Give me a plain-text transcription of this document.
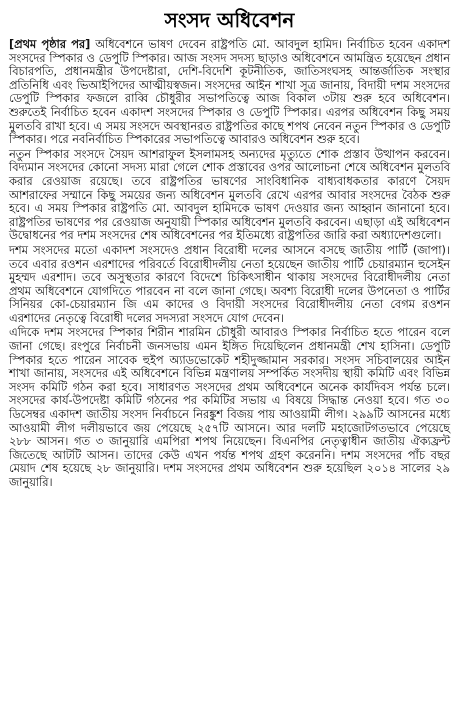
সংসদ অধিবেশন

[প্রথম পৃষ্ঠার পর] অধিবেশনে ভাষণ দেবেন রাষ্ট্রপতি মো. আবদুল হামিদ। নির্বাচিত হবেন একাদশ সংসদের স্পিকার ও ডেপুটি স্পিকার। আজ সংসদ সদস্য ছাড়াও অধিবেশনে আমন্ত্রিত হয়েছেন প্রধান বিচারপতি, প্রধানমন্ত্রীর উপদেষ্টারা, দেশি-বিদেশি কূটনীতিক, জাতিসংঘসহ আন্তর্জাতিক সংস্থার প্রতিনিধি এবং ভিআইপিদের আত্মীয়স্বজন। সংসদের আইন শাখা সূত্র জানায়, বিদায়ী দশম সংসদের ডেপুটি স্পিকার ফজলে রাব্বি চৌধুরীর সভাপতিত্বে আজ বিকাল ৩টায় শুরু হবে অধিবেশন। শুরুতেই নির্বাচিত হবেন একাদশ সংসদের স্পিকার ও ডেপুটি স্পিকার। এরপর অধিবেশন কিছু সময় মুলতবি রাখা হবে। এ সময় সংসদে অবস্থানরত রাষ্ট্রপতির কাছে শপথ নেবেন নতুন স্পিকার ও ডেপুটি স্পিকার। পরে নবনির্বাচিত স্পিকারের সভাপতিত্বে আবারও অধিবেশন শুরু হবে।

নতুন স্পিকার সংসদে সৈয়দ আশরাফুল ইসলামসহ অন্যদের মৃত্যুতে শোক প্রস্তাব উত্থাপন করবেন। বিদ্যমান সংসদের কোনো সদস্য মারা গেলে শোক প্রস্তাবের ওপর আলোচনা শেষে অধিবেশন মুলতবি করার রেওয়াজ রয়েছে। তবে রাষ্ট্রপতির ভাষণের সাংবিধানিক বাধ্যবাধকতার কারণে সৈয়দ আশরাফের সম্মানে কিছু সময়ের জন্য অধিবেশন মুলতবি রেখে এরপর আবার সংসদের বৈঠক শুরু হবে। এ সময় স্পিকার রাষ্ট্রপতি মো. আবদুল হামিদকে ভাষণ দেওয়ার জন্য আহ্বান জানানো হবে। রাষ্ট্রপতির ভাষণের পর রেওয়াজ অনুযায়ী স্পিকার অধিবেশন মুলতবি করবেন। এছাড়া এই অধিবেশন উদ্বোধনের পর দশম সংসদের শেষ অধিবেশনের পর ইতিমধ্যে রাষ্ট্রপতির জারি করা অধ্যাদেশগুলো।

দশম সংসদের মতো একাদশ সংসদেও প্রধান বিরোধী দলের আসনে বসছে জাতীয় পার্টি (জাপা)। তবে এবার রওশন এরশাদের পরিবর্তে বিরোধীদলীয় নেতা হয়েছেন জাতীয় পার্টি চেয়ারম্যান হুসেইন মুহম্মদ এরশাদ। তবে অসুস্থতার কারণে বিদেশে চিকিৎসাধীন থাকায় সংসদের বিরোধীদলীয় নেতা প্রথম অধিবেশনে যোগদিতে পারবেন না বলে জানা গেছে। অবশ্য বিরোধী দলের উপনেতা ও পার্টির সিনিয়র কো-চেয়ারম্যান জি এম কাদের ও বিদায়ী সংসদের বিরোধীদলীয় নেতা বেগম রওশন এরশাদের নেতৃত্বে বিরোধী দলের সদস্যরা সংসদে যোগ দেবেন।

এদিকে দশম সংসদের স্পিকার শিরীন শারমিন চৌধুরী আবারও স্পিকার নির্বাচিত হতে পারেন বলে জানা গেছে। রংপুরে নির্বাচনী জনসভায় এমন ইঙ্গিত দিয়েছিলেন প্রধানমন্ত্রী শেখ হাসিনা। ডেপুটি স্পিকার হতে পারেন সাবেক হুইপ অ্যাডভোকেট শহীদুজ্জামান সরকার। সংসদ সচিবালয়ের আইন শাখা জানায়, সংসদের এই অধিবেশনে বিভিন্ন মন্ত্রণালয় সম্পর্কিত সংসদীয় স্থায়ী কমিটি এবং বিভিন্ন সংসদ কমিটি গঠন করা হবে। সাধারণত সংসদের প্রথম অধিবেশনে অনেক কার্যদিবস পর্যন্ত চলে। সংসদের কার্য-উপদেষ্টা কমিটি গঠনের পর কমিটির সভায় এ বিষয়ে সিদ্ধান্ত নেওয়া হবে। গত ৩০ ডিসেম্বর একাদশ জাতীয় সংসদ নির্বাচনে নিরঙ্কুশ বিজয় পায় আওয়ামী লীগ। ২৯৯টি আসনের মধ্যে আওয়ামী লীগ দলীয়ভাবে জয় পেয়েছে ২৫৭টি আসনে। আর দলটি মহাজোটগতভাবে পেয়েছে ২৮৮ আসন। গত ৩ জানুয়ারি এমপিরা শপথ নিয়েছেন। বিএনপির নেতৃত্বাধীন জাতীয় ঐক্যফ্রন্ট জিতেছে আটটি আসন। তাদের কেউ এখন পর্যন্ত শপথ গ্রহণ করেননি। দশম সংসদের পাঁচ বছর মেয়াদ শেষ হয়েছে ২৮ জানুয়ারি। দশম সংসদের প্রথম অধিবেশন শুরু হয়েছিল ২০১৪ সালের ২৯ জানুয়ারি।
